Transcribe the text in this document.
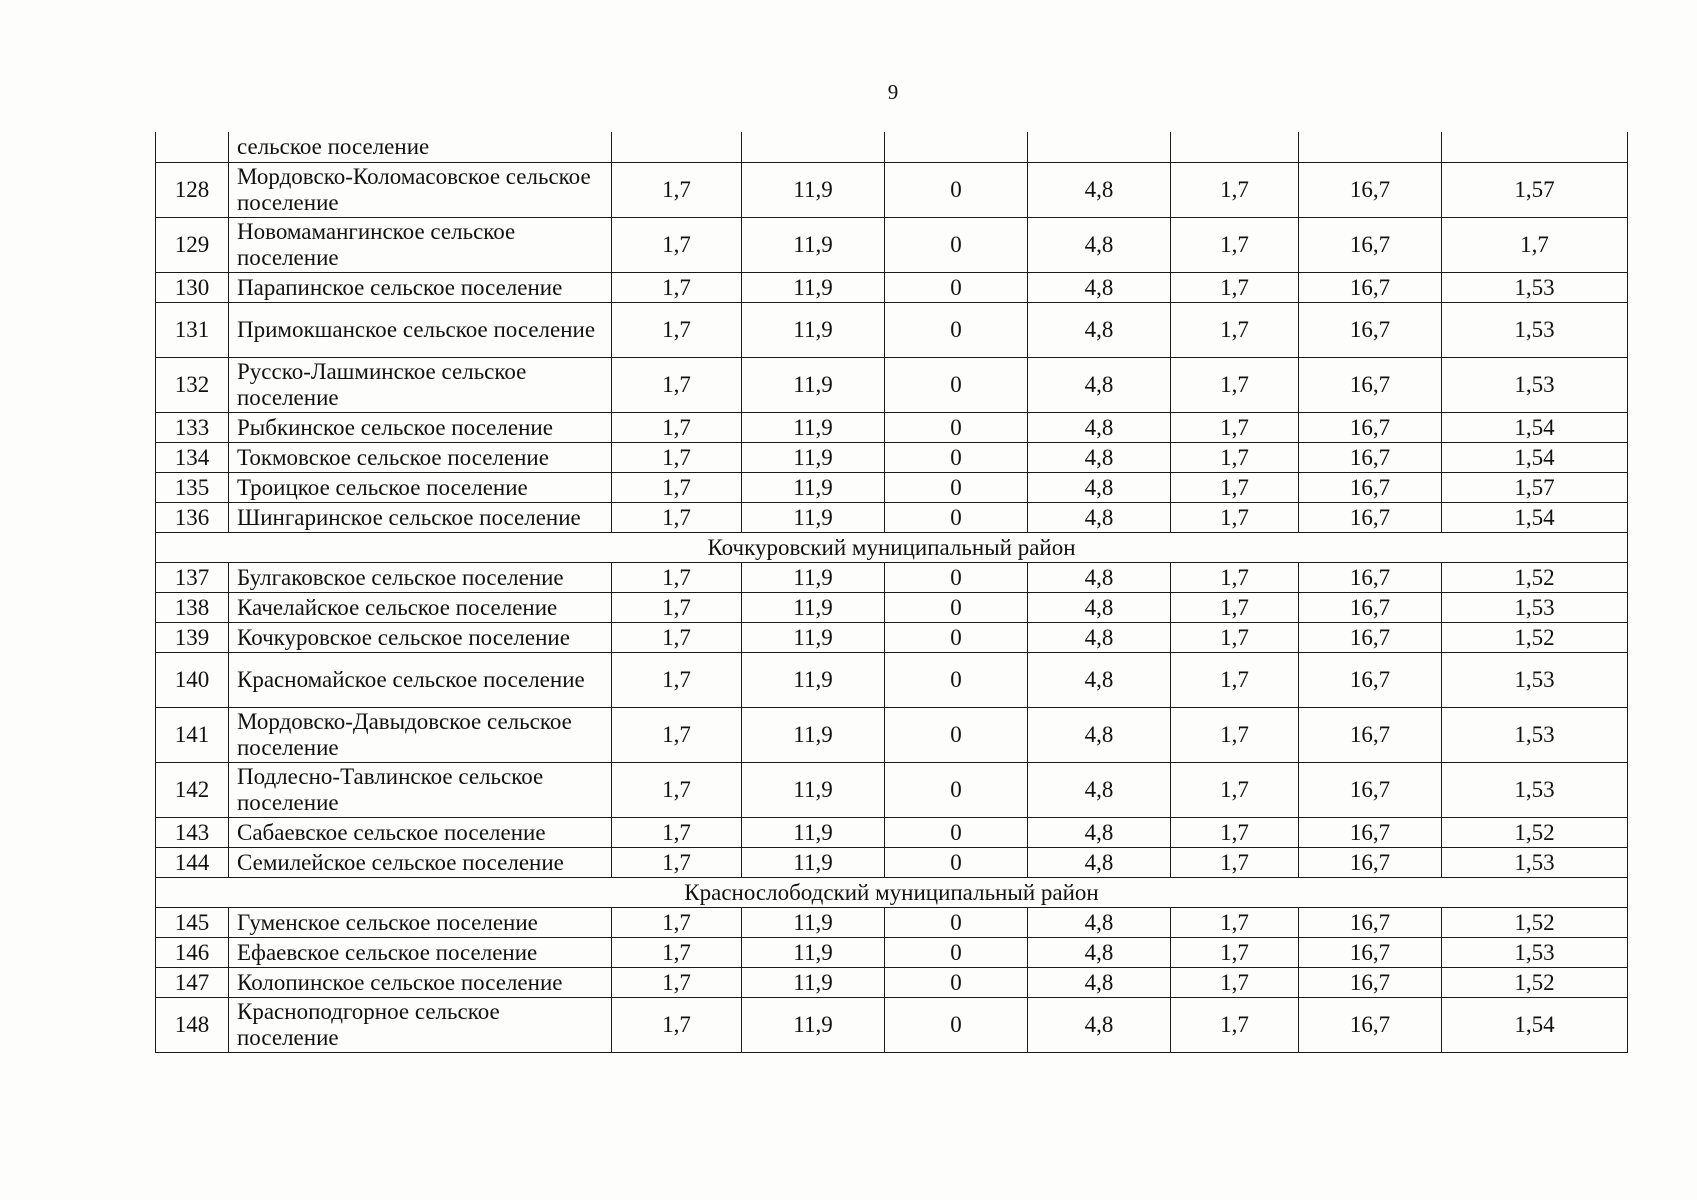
9
	сельское поселение							
128	Мордовско-Коломасовское сельское поселение	1,7	11,9	0	4,8	1,7	16,7	1,57
129	Новомамангинское сельское поселение	1,7	11,9	0	4,8	1,7	16,7	1,7
130	Парапинское сельское поселение	1,7	11,9	0	4,8	1,7	16,7	1,53
131	Примокшанское сельское поселение	1,7	11,9	0	4,8	1,7	16,7	1,53
132	Русско-Лашминское сельское поселение	1,7	11,9	0	4,8	1,7	16,7	1,53
133	Рыбкинское сельское поселение	1,7	11,9	0	4,8	1,7	16,7	1,54
134	Токмовское сельское поселение	1,7	11,9	0	4,8	1,7	16,7	1,54
135	Троицкое сельское поселение	1,7	11,9	0	4,8	1,7	16,7	1,57
136	Шингаринское сельское поселение	1,7	11,9	0	4,8	1,7	16,7	1,54
Кочкуровский муниципальный район								
137	Булгаковское сельское поселение	1,7	11,9	0	4,8	1,7	16,7	1,52
138	Качелайское сельское поселение	1,7	11,9	0	4,8	1,7	16,7	1,53
139	Кочкуровское сельское поселение	1,7	11,9	0	4,8	1,7	16,7	1,52
140	Красномайское сельское поселение	1,7	11,9	0	4,8	1,7	16,7	1,53
141	Мордовско-Давыдовское сельское поселение	1,7	11,9	0	4,8	1,7	16,7	1,53
142	Подлесно-Тавлинское сельское поселение	1,7	11,9	0	4,8	1,7	16,7	1,53
143	Сабаевское сельское поселение	1,7	11,9	0	4,8	1,7	16,7	1,52
144	Семилейское сельское поселение	1,7	11,9	0	4,8	1,7	16,7	1,53
Краснослободский муниципальный район								
145	Гуменское сельское поселение	1,7	11,9	0	4,8	1,7	16,7	1,52
146	Ефаевское сельское поселение	1,7	11,9	0	4,8	1,7	16,7	1,53
147	Колопинское сельское поселение	1,7	11,9	0	4,8	1,7	16,7	1,52
148	Красноподгорное сельское поселение	1,7	11,9	0	4,8	1,7	16,7	1,54
